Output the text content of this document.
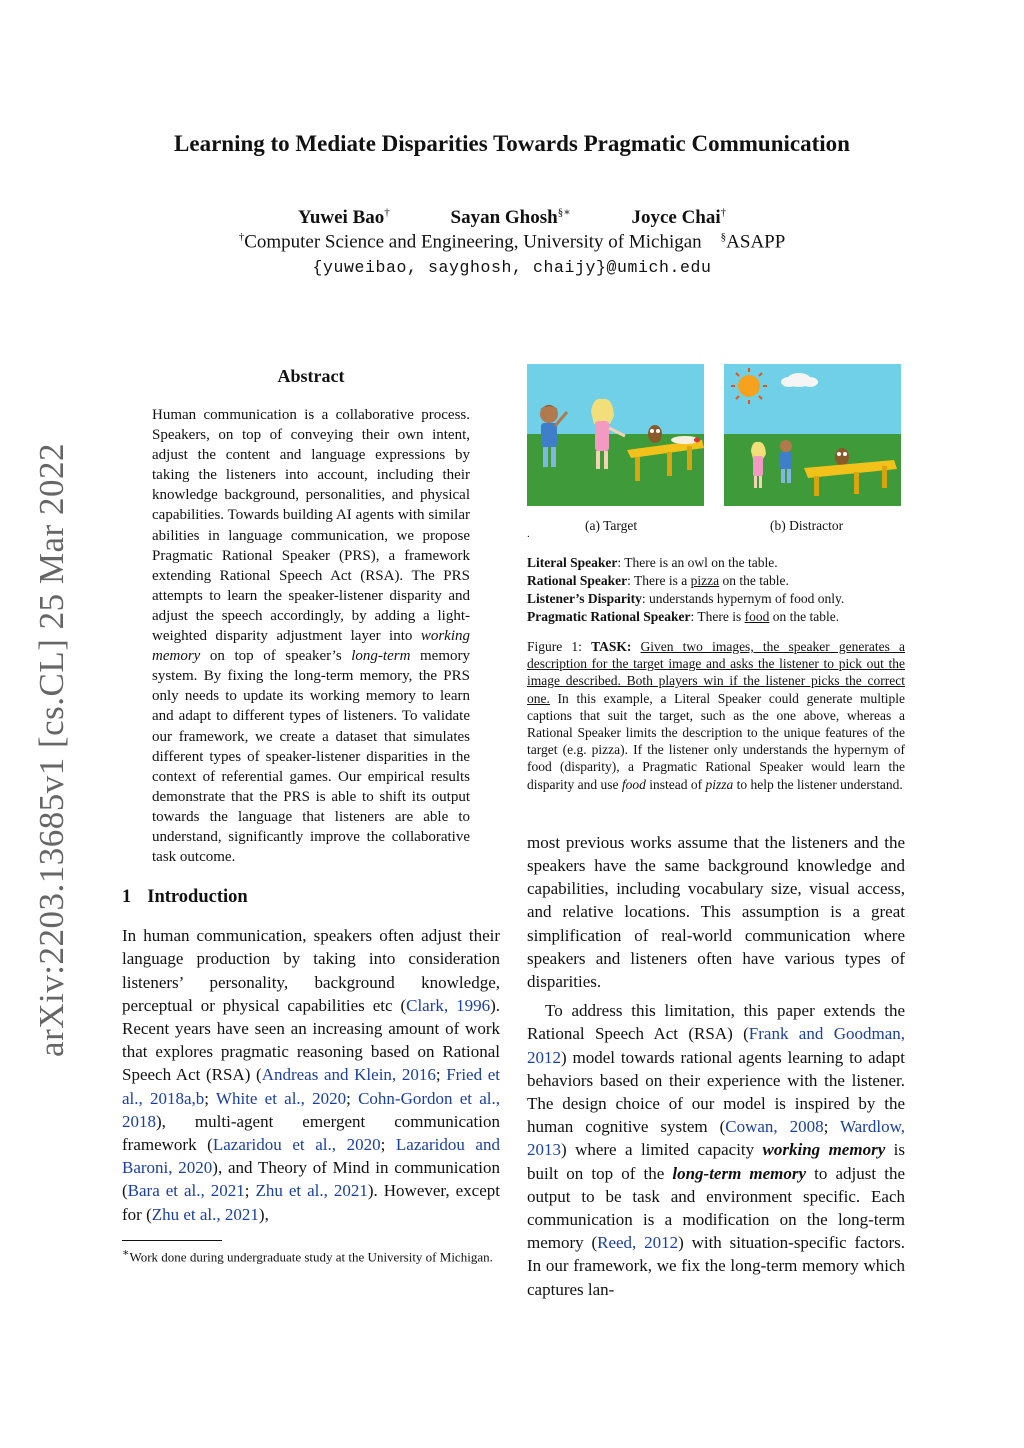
arXiv:2203.13685v1 [cs.CL] 25 Mar 2022
Learning to Mediate Disparities Towards Pragmatic Communication
Yuwei Bao†	Sayan Ghosh§∗	Joyce Chai†
†Computer Science and Engineering, University of Michigan §ASAPP
{yuweibao, sayghosh, chaijy}@umich.edu
Abstract
Human communication is a collaborative process. Speakers, on top of conveying their own intent, adjust the content and language expressions by taking the listeners into account, including their knowledge background, personalities, and physical capabilities. Towards building AI agents with similar abilities in language communication, we propose Pragmatic Rational Speaker (PRS), a framework extending Rational Speech Act (RSA). The PRS attempts to learn the speaker-listener disparity and adjust the speech accordingly, by adding a light-weighted disparity adjustment layer into working memory on top of speaker’s long-term memory system. By fixing the long-term memory, the PRS only needs to update its working memory to learn and adapt to different types of listeners. To validate our framework, we create a dataset that simulates different types of speaker-listener disparities in the context of referential games. Our empirical results demonstrate that the PRS is able to shift its output towards the language that listeners are able to understand, significantly improve the collaborative task outcome.
1 Introduction

In human communication, speakers often adjust their language production by taking into consideration listeners’ personality, background knowledge, perceptual or physical capabilities etc (Clark, 1996). Recent years have seen an increasing amount of work that explores pragmatic reasoning based on Rational Speech Act (RSA) (Andreas and Klein, 2016; Fried et al., 2018a,b; White et al., 2020; Cohn-Gordon et al., 2018), multi-agent emergent communication framework (Lazaridou et al., 2020; Lazaridou and Baroni, 2020), and Theory of Mind in communication (Bara et al., 2021; Zhu et al., 2021). However, except for (Zhu et al., 2021),

∗Work done during undergraduate study at the University of Michigan.
.
(a) Target	(b) Distractor
Literal Speaker: There is an owl on the table.
Rational Speaker: There is a pizza on the table.
Listener’s Disparity: understands hypernym of food only.
Pragmatic Rational Speaker: There is food on the table.
Figure 1: TASK: Given two images, the speaker generates a description for the target image and asks the listener to pick out the image described. Both players win if the listener picks the correct one. In this example, a Literal Speaker could generate multiple captions that suit the target, such as the one above, whereas a Rational Speaker limits the description to the unique features of the target (e.g. pizza). If the listener only understands the hypernym of food (disparity), a Pragmatic Rational Speaker would learn the disparity and use food instead of pizza to help the listener understand.

most previous works assume that the listeners and the speakers have the same background knowledge and capabilities, including vocabulary size, visual access, and relative locations. This assumption is a great simplification of real-world communication where speakers and listeners often have various types of disparities.

To address this limitation, this paper extends the Rational Speech Act (RSA) (Frank and Goodman, 2012) model towards rational agents learning to adapt behaviors based on their experience with the listener. The design choice of our model is inspired by the human cognitive system (Cowan, 2008; Wardlow, 2013) where a limited capacity working memory is built on top of the long-term memory to adjust the output to be task and environment specific. Each communication is a modification on the long-term memory (Reed, 2012) with situation-specific factors. In our framework, we fix the long-term memory which captures lan-
